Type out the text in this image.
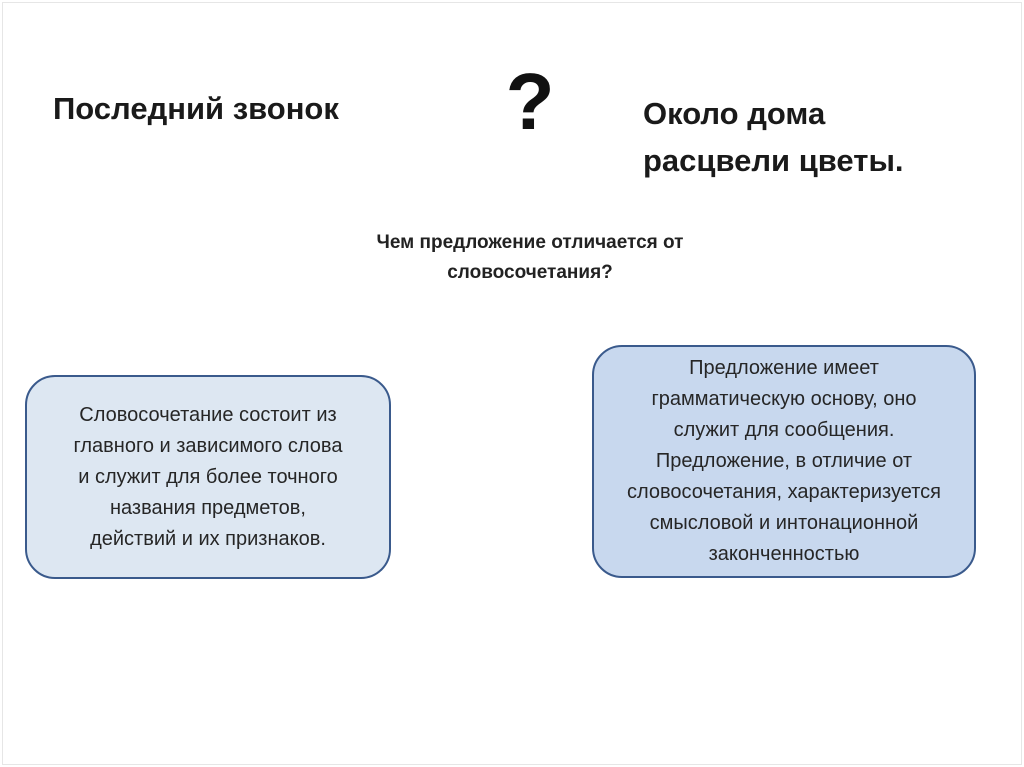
Последний звонок ?	Около дома
расцвели цветы.
Чем предложение отличается от
словосочетания?
Словосочетание состоит из
главного и зависимого слова
и служит для более точного
названия предметов,
действий и их признаков.
Предложение имеет
грамматическую основу, оно
служит для сообщения.
Предложение, в отличие от
словосочетания, характеризуется
смысловой и интонационной
законченностью
